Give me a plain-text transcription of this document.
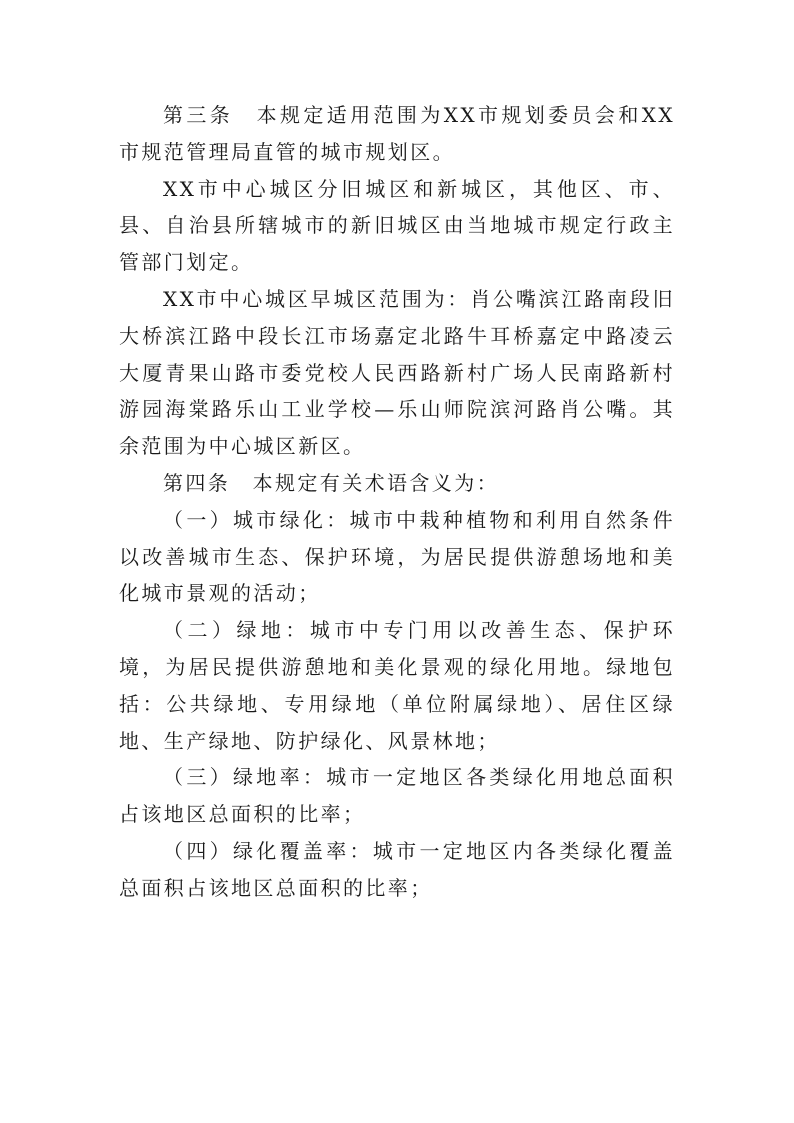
第三条　本规定适用范围为XX市规划委员会和XX市规范管理局直管的城市规划区。

XX市中心城区分旧城区和新城区，其他区、市、县、自治县所辖城市的新旧城区由当地城市规定行政主管部门划定。

XX市中心城区早城区范围为：肖公嘴滨江路南段旧大桥滨江路中段长江市场嘉定北路牛耳桥嘉定中路凌云大厦青果山路市委党校人民西路新村广场人民南路新村游园海棠路乐山工业学校—乐山师院滨河路肖公嘴。其余范围为中心城区新区。

第四条　本规定有关术语含义为：

（一）城市绿化：城市中栽种植物和利用自然条件以改善城市生态、保护环境，为居民提供游憩场地和美化城市景观的活动；

（二）绿地：城市中专门用以改善生态、保护环境，为居民提供游憩地和美化景观的绿化用地。绿地包括：公共绿地、专用绿地（单位附属绿地）、居住区绿地、生产绿地、防护绿化、风景林地；

（三）绿地率：城市一定地区各类绿化用地总面积占该地区总面积的比率；

（四）绿化覆盖率：城市一定地区内各类绿化覆盖总面积占该地区总面积的比率；
